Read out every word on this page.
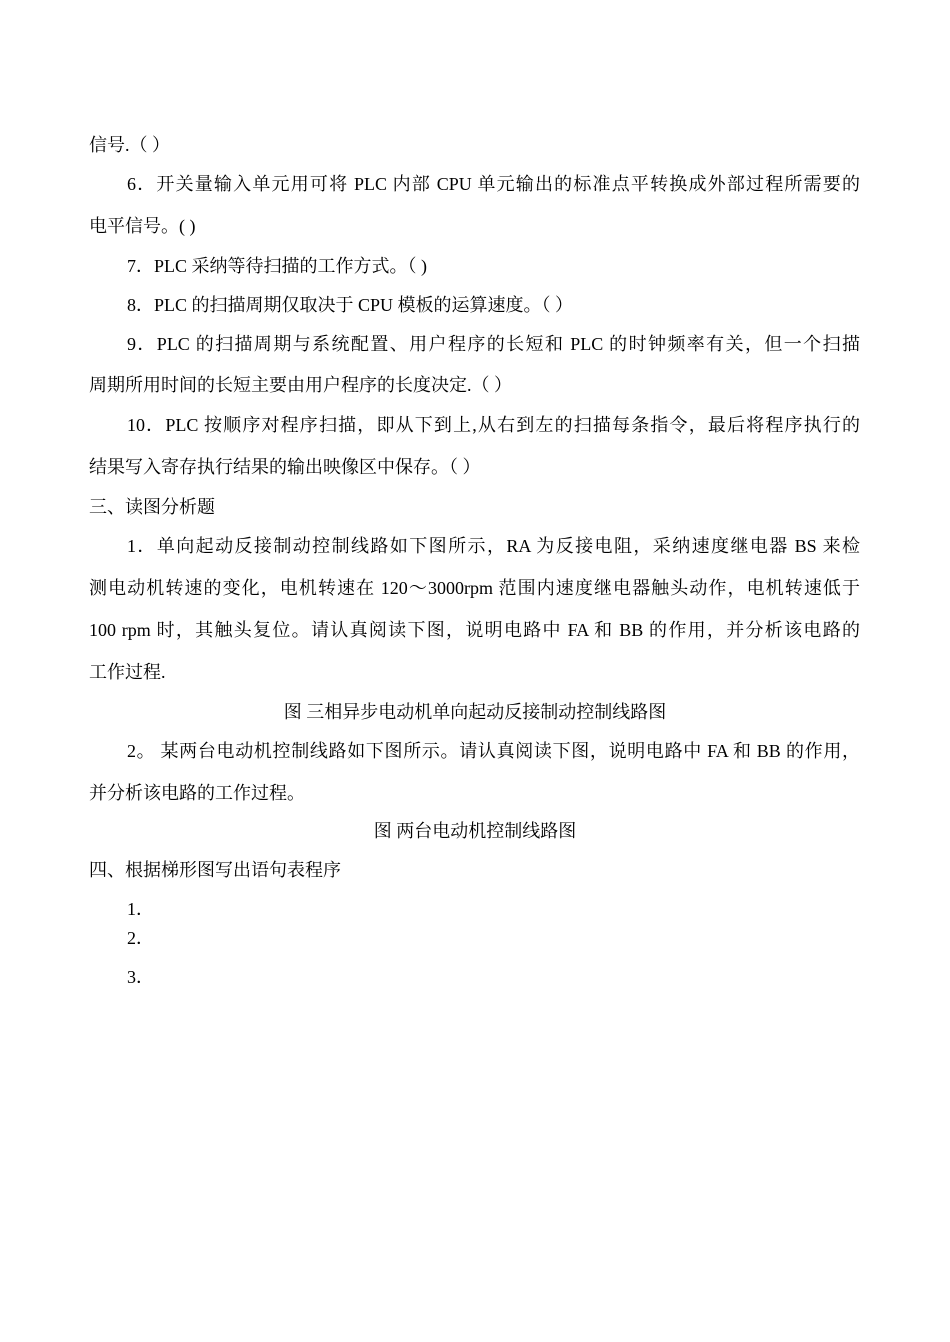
信号.（ ）
6．开关量输入单元用可将 PLC 内部 CPU 单元输出的标准点平转换成外部过程所需要的
电平信号。( )
7．PLC 采纳等待扫描的工作方式。（ )
8．PLC 的扫描周期仅取决于 CPU 模板的运算速度。（ ）
9．PLC 的扫描周期与系统配置、用户程序的长短和 PLC 的时钟频率有关，但一个扫描
周期所用时间的长短主要由用户程序的长度决定.（ ）
10．PLC 按顺序对程序扫描，即从下到上,从右到左的扫描每条指令，最后将程序执行的
结果写入寄存执行结果的输出映像区中保存。（ ）
三、读图分析题
1．单向起动反接制动控制线路如下图所示，RA 为反接电阻，采纳速度继电器 BS 来检
测电动机转速的变化，电机转速在 120～3000rpm 范围内速度继电器触头动作，电机转速低于
100 rpm 时，其触头复位。请认真阅读下图，说明电路中 FA 和 BB 的作用，并分析该电路的
工作过程.
图 三相异步电动机单向起动反接制动控制线路图
2。 某两台电动机控制线路如下图所示。请认真阅读下图，说明电路中 FA 和 BB 的作用，
并分析该电路的工作过程。
图 两台电动机控制线路图
四、根据梯形图写出语句表程序
1．
2．
3．
